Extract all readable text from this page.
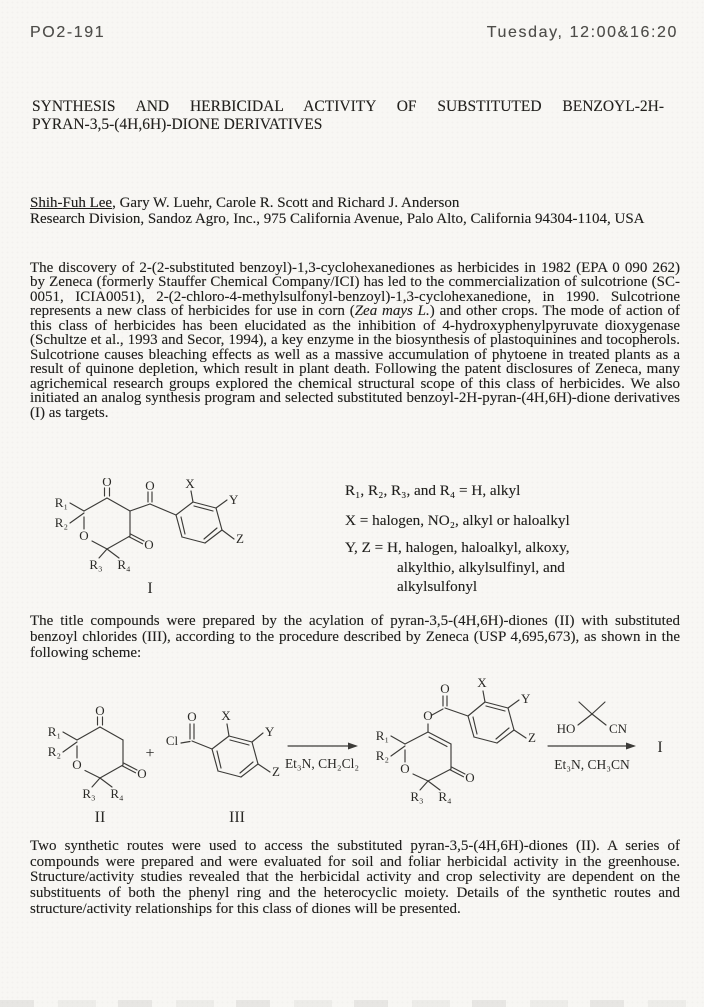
PO2-191	Tuesday, 12:00&16:20
SYNTHESIS AND HERBICIDAL ACTIVITY OF SUBSTITUTED BENZOYL-2H-
PYRAN-3,5-(4H,6H)-DIONE DERIVATIVES
Shih-Fuh Lee, Gary W. Luehr, Carole R. Scott and Richard J. Anderson
Research Division, Sandoz Agro, Inc., 975 California Avenue, Palo Alto, California 94304-1104, USA
The discovery of 2-(2-substituted benzoyl)-1,3-cyclohexanediones as herbicides in 1982 (EPA 0 090 262) by Zeneca (formerly Stauffer Chemical Company/ICI) has led to the commercialization of sulcotrione (SC-0051, ICIA0051), 2-(2-chloro-4-methylsulfonyl-benzoyl)-1,3-cyclohexanedione, in 1990. Sulcotrione represents a new class of herbicides for use in corn (Zea mays L.) and other crops. The mode of action of this class of herbicides has been elucidated as the inhibition of 4-hydroxyphenylpyruvate dioxygenase (Schultze et al., 1993 and Secor, 1994), a key enzyme in the biosynthesis of plastoquinines and tocopherols. Sulcotrione causes bleaching effects as well as a massive accumulation of phytoene in treated plants as a result of quinone depletion, which result in plant death. Following the patent disclosures of Zeneca, many agrichemical research groups explored the chemical structural scope of this class of herbicides. We also initiated an analog synthesis program and selected substituted benzoyl-2H-pyran-(4H,6H)-dione derivatives (I) as targets.
O	O
O
O
R₁
R₂
R₃ R₄
X
Y
Z
I
R₁, R₂, R₃, and R₄ = H, alkyl
X = halogen, NO₂, alkyl or haloalkyl
Y, Z = H, halogen, haloalkyl, alkoxy,
alkylthio, alkylsulfinyl, and
alkylsulfonyl
The title compounds were prepared by the acylation of pyran-3,5-(4H,6H)-diones (II) with substituted benzoyl chlorides (III), according to the procedure described by Zeneca (USP 4,695,673), as shown in the following scheme:
O
O
O
R₁
R₂
R₃ R₄
II
+
Cl
O X
Y
Z
III
Et₃N, CH₂Cl₂
O
O
O
O
R₁
R₂
R₃ R₄
X
Y
Z
HO	CN
Et₃N, CH₃CN
I
Two synthetic routes were used to access the substituted pyran-3,5-(4H,6H)-diones (II). A series of compounds were prepared and were evaluated for soil and foliar herbicidal activity in the greenhouse. Structure/activity studies revealed that the herbicidal activity and crop selectivity are dependent on the substituents of both the phenyl ring and the heterocyclic moiety. Details of the synthetic routes and structure/activity relationships for this class of diones will be presented.
